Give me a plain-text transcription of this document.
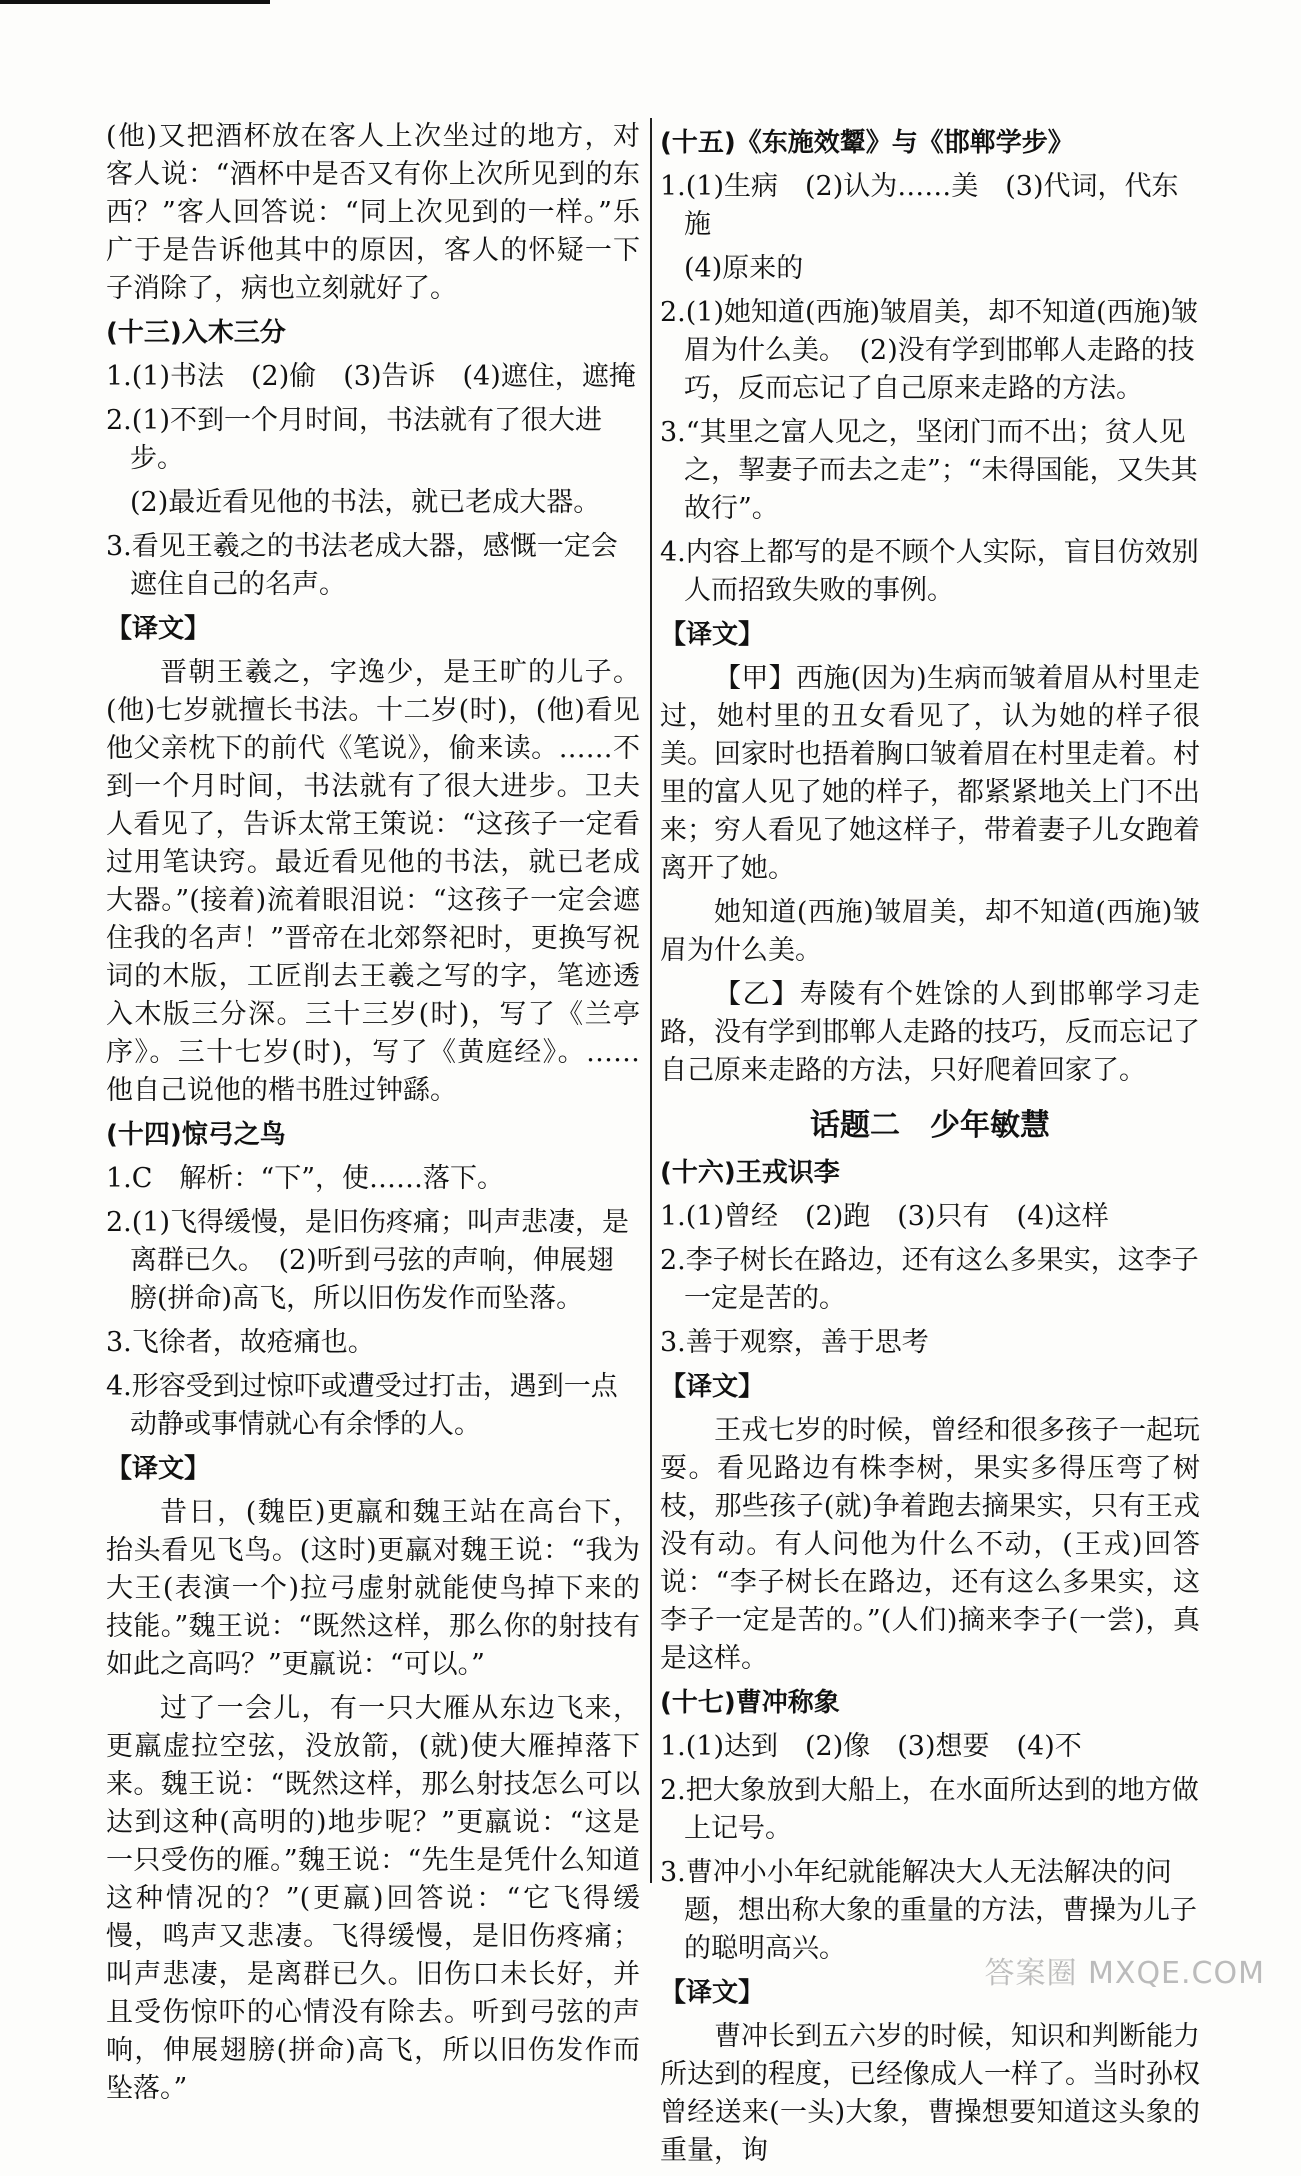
(他)又把酒杯放在客人上次坐过的地方，对客人说：“酒杯中是否又有你上次所见到的东西？”客人回答说：“同上次见到的一样。”乐广于是告诉他其中的原因，客人的怀疑一下子消除了，病也立刻就好了。

(十三)入木三分
1.(1)书法　(2)偷　(3)告诉　(4)遮住，遮掩
2.(1)不到一个月时间，书法就有了很大进步。
(2)最近看见他的书法，就已老成大器。
3.看见王羲之的书法老成大器，感慨一定会遮住自己的名声。
【译文】

晋朝王羲之，字逸少，是王旷的儿子。(他)七岁就擅长书法。十二岁(时)，(他)看见他父亲枕下的前代《笔说》，偷来读。……不到一个月时间，书法就有了很大进步。卫夫人看见了，告诉太常王策说：“这孩子一定看过用笔诀窍。最近看见他的书法，就已老成大器。”(接着)流着眼泪说：“这孩子一定会遮住我的名声！”晋帝在北郊祭祀时，更换写祝词的木版，工匠削去王羲之写的字，笔迹透入木版三分深。三十三岁(时)，写了《兰亭序》。三十七岁(时)，写了《黄庭经》。……他自己说他的楷书胜过钟繇。

(十四)惊弓之鸟
1.C　解析：“下”，使……落下。
2.(1)飞得缓慢，是旧伤疼痛；叫声悲凄，是离群已久。　(2)听到弓弦的声响，伸展翅膀(拼命)高飞，所以旧伤发作而坠落。
3.飞徐者，故疮痛也。
4.形容受到过惊吓或遭受过打击，遇到一点动静或事情就心有余悸的人。
【译文】

昔日，(魏臣)更羸和魏王站在高台下，抬头看见飞鸟。(这时)更羸对魏王说：“我为大王(表演一个)拉弓虚射就能使鸟掉下来的技能。”魏王说：“既然这样，那么你的射技有如此之高吗？”更羸说：“可以。”

过了一会儿，有一只大雁从东边飞来，更羸虚拉空弦，没放箭，(就)使大雁掉落下来。魏王说：“既然这样，那么射技怎么可以达到这种(高明的)地步呢？”更羸说：“这是一只受伤的雁。”魏王说：“先生是凭什么知道这种情况的？”(更羸)回答说：“它飞得缓慢，鸣声又悲凄。飞得缓慢，是旧伤疼痛；叫声悲凄，是离群已久。旧伤口未长好，并且受伤惊吓的心情没有除去。听到弓弦的声响，伸展翅膀(拼命)高飞，所以旧伤发作而坠落。”

(十五)《东施效颦》与《邯郸学步》
1.(1)生病　(2)认为……美　(3)代词，代东施
(4)原来的
2.(1)她知道(西施)皱眉美，却不知道(西施)皱眉为什么美。　(2)没有学到邯郸人走路的技巧，反而忘记了自己原来走路的方法。
3.“其里之富人见之，坚闭门而不出；贫人见之，挈妻子而去之走”；“未得国能，又失其故行”。
4.内容上都写的是不顾个人实际，盲目仿效别人而招致失败的事例。
【译文】

【甲】西施(因为)生病而皱着眉从村里走过，她村里的丑女看见了，认为她的样子很美。回家时也捂着胸口皱着眉在村里走着。村里的富人见了她的样子，都紧紧地关上门不出来；穷人看见了她这样子，带着妻子儿女跑着离开了她。

她知道(西施)皱眉美，却不知道(西施)皱眉为什么美。

【乙】寿陵有个姓馀的人到邯郸学习走路，没有学到邯郸人走路的技巧，反而忘记了自己原来走路的方法，只好爬着回家了。

话题二　少年敏慧
(十六)王戎识李
1.(1)曾经　(2)跑　(3)只有　(4)这样
2.李子树长在路边，还有这么多果实，这李子一定是苦的。
3.善于观察，善于思考
【译文】

王戎七岁的时候，曾经和很多孩子一起玩耍。看见路边有株李树，果实多得压弯了树枝，那些孩子(就)争着跑去摘果实，只有王戎没有动。有人问他为什么不动，(王戎)回答说：“李子树长在路边，还有这么多果实，这李子一定是苦的。”(人们)摘来李子(一尝)，真是这样。

(十七)曹冲称象
1.(1)达到　(2)像　(3)想要　(4)不
2.把大象放到大船上，在水面所达到的地方做上记号。
3.曹冲小小年纪就能解决大人无法解决的问题，想出称大象的重量的方法，曹操为儿子的聪明高兴。
【译文】

曹冲长到五六岁的时候，知识和判断能力所达到的程度，已经像成人一样了。当时孙权曾经送来(一头)大象，曹操想要知道这头象的重量，询

答案圈 MXQE.COM
